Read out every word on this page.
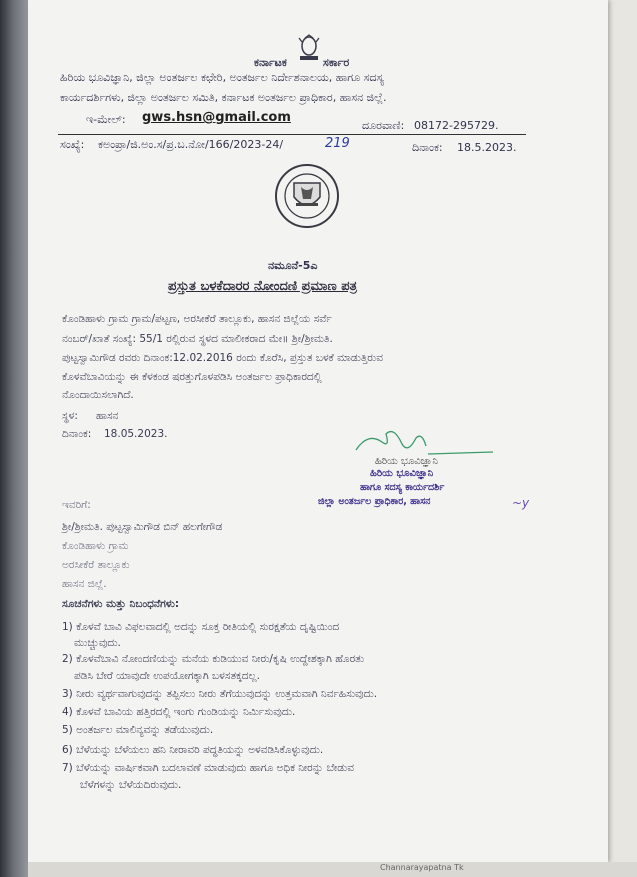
Channarayapatna Tk
ಕರ್ನಾಟಕ	ಸರ್ಕಾರ
ಹಿರಿಯ ಭೂವಿಜ್ಞಾನಿ, ಜಿಲ್ಲಾ ಅಂತರ್ಜಲ ಕಛೇರಿ, ಅಂತರ್ಜಲ ನಿರ್ದೇಶನಾಲಯ, ಹಾಗೂ ಸದಸ್ಯ
ಕಾರ್ಯದರ್ಶಿಗಳು, ಜಿಲ್ಲಾ ಅಂತರ್ಜಲ ಸಮಿತಿ, ಕರ್ನಾಟಕ ಅಂತರ್ಜಲ ಪ್ರಾಧಿಕಾರ, ಹಾಸನ ಜಿಲ್ಲೆ.
ಇ-ಮೇಲ್: gws.hsn@gmail.com
ದೂರವಾಣಿ: 08172-295729.
ಸಂಖ್ಯೆ: ಕಅಂಪ್ರಾ/ಜಿ.ಅಂ.ಸ/ಪ್ರ.ಬ.ನೋ/166/2023-24/	219	ದಿನಾಂಕ: 18.5.2023.
ನಮೂನೆ-5ಎ
ಪ್ರಸ್ತುತ ಬಳಕೆದಾರರ ನೋಂದಣಿ ಪ್ರಮಾಣ ಪತ್ರ
ಕೊಂಡಿಹಾಳು ಗ್ರಾಮ ಗ್ರಾಮ/ಪಟ್ಟಣ, ಅರಸೀಕೆರೆ ತಾಲ್ಲೂಕು, ಹಾಸನ ಜಿಲ್ಲೆಯ ಸರ್ವೆ
ನಂಬರ್/ಖಾತೆ ಸಂಖ್ಯೆ: 55/1 ರಲ್ಲಿರುವ ಸ್ಥಳದ ಮಾಲೀಕರಾದ ಮೇ॥ ಶ್ರೀ/ಶ್ರೀಮತಿ.
ಪುಟ್ಟಸ್ವಾಮಿಗೌಡ ರವರು ದಿನಾಂಕ:12.02.2016 ರಂದು ಕೊರೆಸಿ, ಪ್ರಸ್ತುತ ಬಳಕೆ ಮಾಡುತ್ತಿರುವ
ಕೊಳವೆಬಾವಿಯನ್ನು ಈ ಕೆಳಕಂಡ ಷರತ್ತುಗೊಳಪಡಿಸಿ ಅಂತರ್ಜಲ ಪ್ರಾಧಿಕಾರದಲ್ಲಿ
ನೊಂದಾಯಿಸಲಾಗಿದೆ.
ಸ್ಥಳ: ಹಾಸನ
ದಿನಾಂಕ: 18.05.2023.
ಹಿರಿಯ ಭೂವಿಜ್ಞಾನಿ
ಹಿರಿಯ ಭೂವಿಜ್ಞಾನಿ
ಹಾಗೂ ಸದಸ್ಯ ಕಾರ್ಯದರ್ಶಿ
ಜಿಲ್ಲಾ ಅಂತರ್ಜಲ ಪ್ರಾಧಿಕಾರ, ಹಾಸನ	~y
ಇವರಿಗೆ:
ಶ್ರೀ/ಶ್ರೀಮತಿ. ಪುಟ್ಟಸ್ವಾಮಿಗೌಡ ಬಿನ್ ಹಲಗೇಗೌಡ
ಕೊಂಡಿಹಾಳು ಗ್ರಾಮ
ಅರಸೀಕೆರೆ ತಾಲ್ಲೂಕು
ಹಾಸನ ಜಿಲ್ಲೆ.
ಸೂಚನೆಗಳು ಮತ್ತು ನಿಬಂಧನೆಗಳು:
1) ಕೊಳವೆ ಬಾವಿ ವಿಫಲವಾದಲ್ಲಿ ಅದನ್ನು ಸೂಕ್ತ ರೀತಿಯಲ್ಲಿ ಸುರಕ್ಷತೆಯ ದೃಷ್ಟಿಯಿಂದ
ಮುಚ್ಚುವುದು.
2) ಕೊಳವೆಬಾವಿ ನೋಂದಣಿಯನ್ನು ಮನೆಯ ಕುಡಿಯುವ ನೀರು/ಕೃಷಿ ಉದ್ದೇಶಕ್ಕಾಗಿ ಹೊರತು
ಪಡಿಸಿ ಬೇರೆ ಯಾವುದೇ ಉಪಯೋಗಕ್ಕಾಗಿ ಬಳಸತಕ್ಕದಲ್ಲ.
3) ನೀರು ವ್ಯರ್ಥವಾಗುವುದನ್ನು ತಪ್ಪಿಸಲು ನೀರು ತೆಗೆಯುವುದನ್ನು ಉತ್ತಮವಾಗಿ ನಿರ್ವಹಿಸುವುದು.
4) ಕೊಳವೆ ಬಾವಿಯ ಹತ್ತಿರದಲ್ಲಿ ಇಂಗು ಗುಂಡಿಯನ್ನು ನಿರ್ಮಿಸುವುದು.
5) ಅಂತರ್ಜಲ ಮಾಲಿನ್ಯವನ್ನು ತಡೆಯುವುದು.
6) ಬೆಳೆಯನ್ನು ಬೆಳೆಯಲು ಹನಿ ನೀರಾವರಿ ಪದ್ಧತಿಯನ್ನು ಅಳವಡಿಸಿಕೊಳ್ಳುವುದು.
7) ಬೆಳೆಯನ್ನು ವಾರ್ಷಿಕವಾಗಿ ಬದಲಾವಣೆ ಮಾಡುವುದು ಹಾಗೂ ಅಧಿಕ ನೀರನ್ನು ಬೇಡುವ
ಬೆಳೆಗಳನ್ನು ಬೆಳೆಯದಿರುವುದು.
